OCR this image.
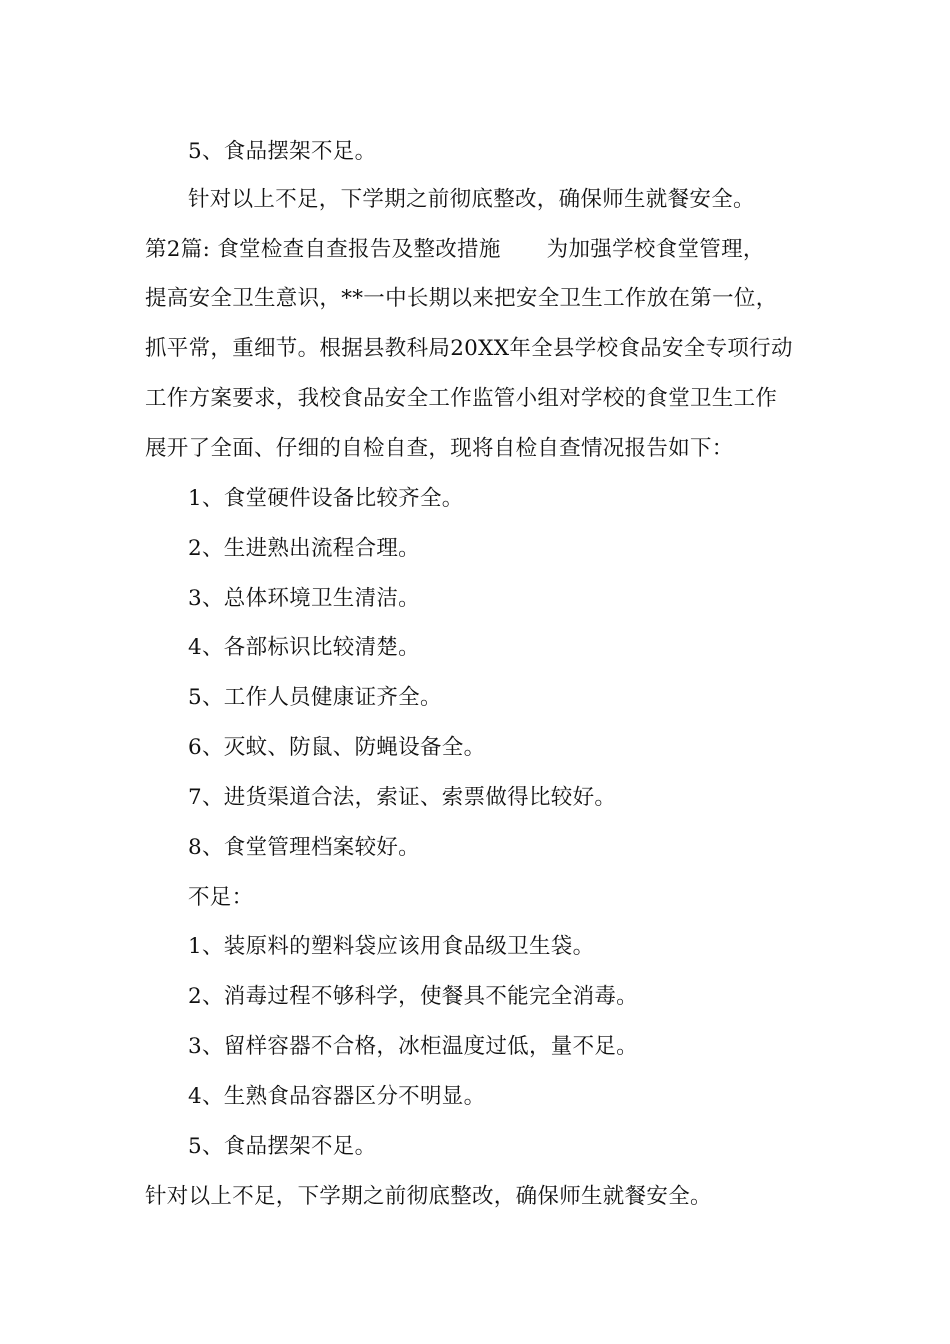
5、食品摆架不足。
针对以上不足，下学期之前彻底整改，确保师生就餐安全。
第2篇: 食堂检查自查报告及整改措施 为加强学校食堂管理，
提高安全卫生意识，**一中长期以来把安全卫生工作放在第一位，
抓平常，重细节。根据县教科局20XX年全县学校食品安全专项行动
工作方案要求，我校食品安全工作监管小组对学校的食堂卫生工作
展开了全面、仔细的自检自查，现将自检自查情况报告如下：
1、食堂硬件设备比较齐全。
2、生进熟出流程合理。
3、总体环境卫生清洁。
4、各部标识比较清楚。
5、工作人员健康证齐全。
6、灭蚊、防鼠、防蝇设备全。
7、进货渠道合法，索证、索票做得比较好。
8、食堂管理档案较好。
不足：
1、装原料的塑料袋应该用食品级卫生袋。
2、消毒过程不够科学，使餐具不能完全消毒。
3、留样容器不合格，冰柜温度过低，量不足。
4、生熟食品容器区分不明显。
5、食品摆架不足。
针对以上不足，下学期之前彻底整改，确保师生就餐安全。
